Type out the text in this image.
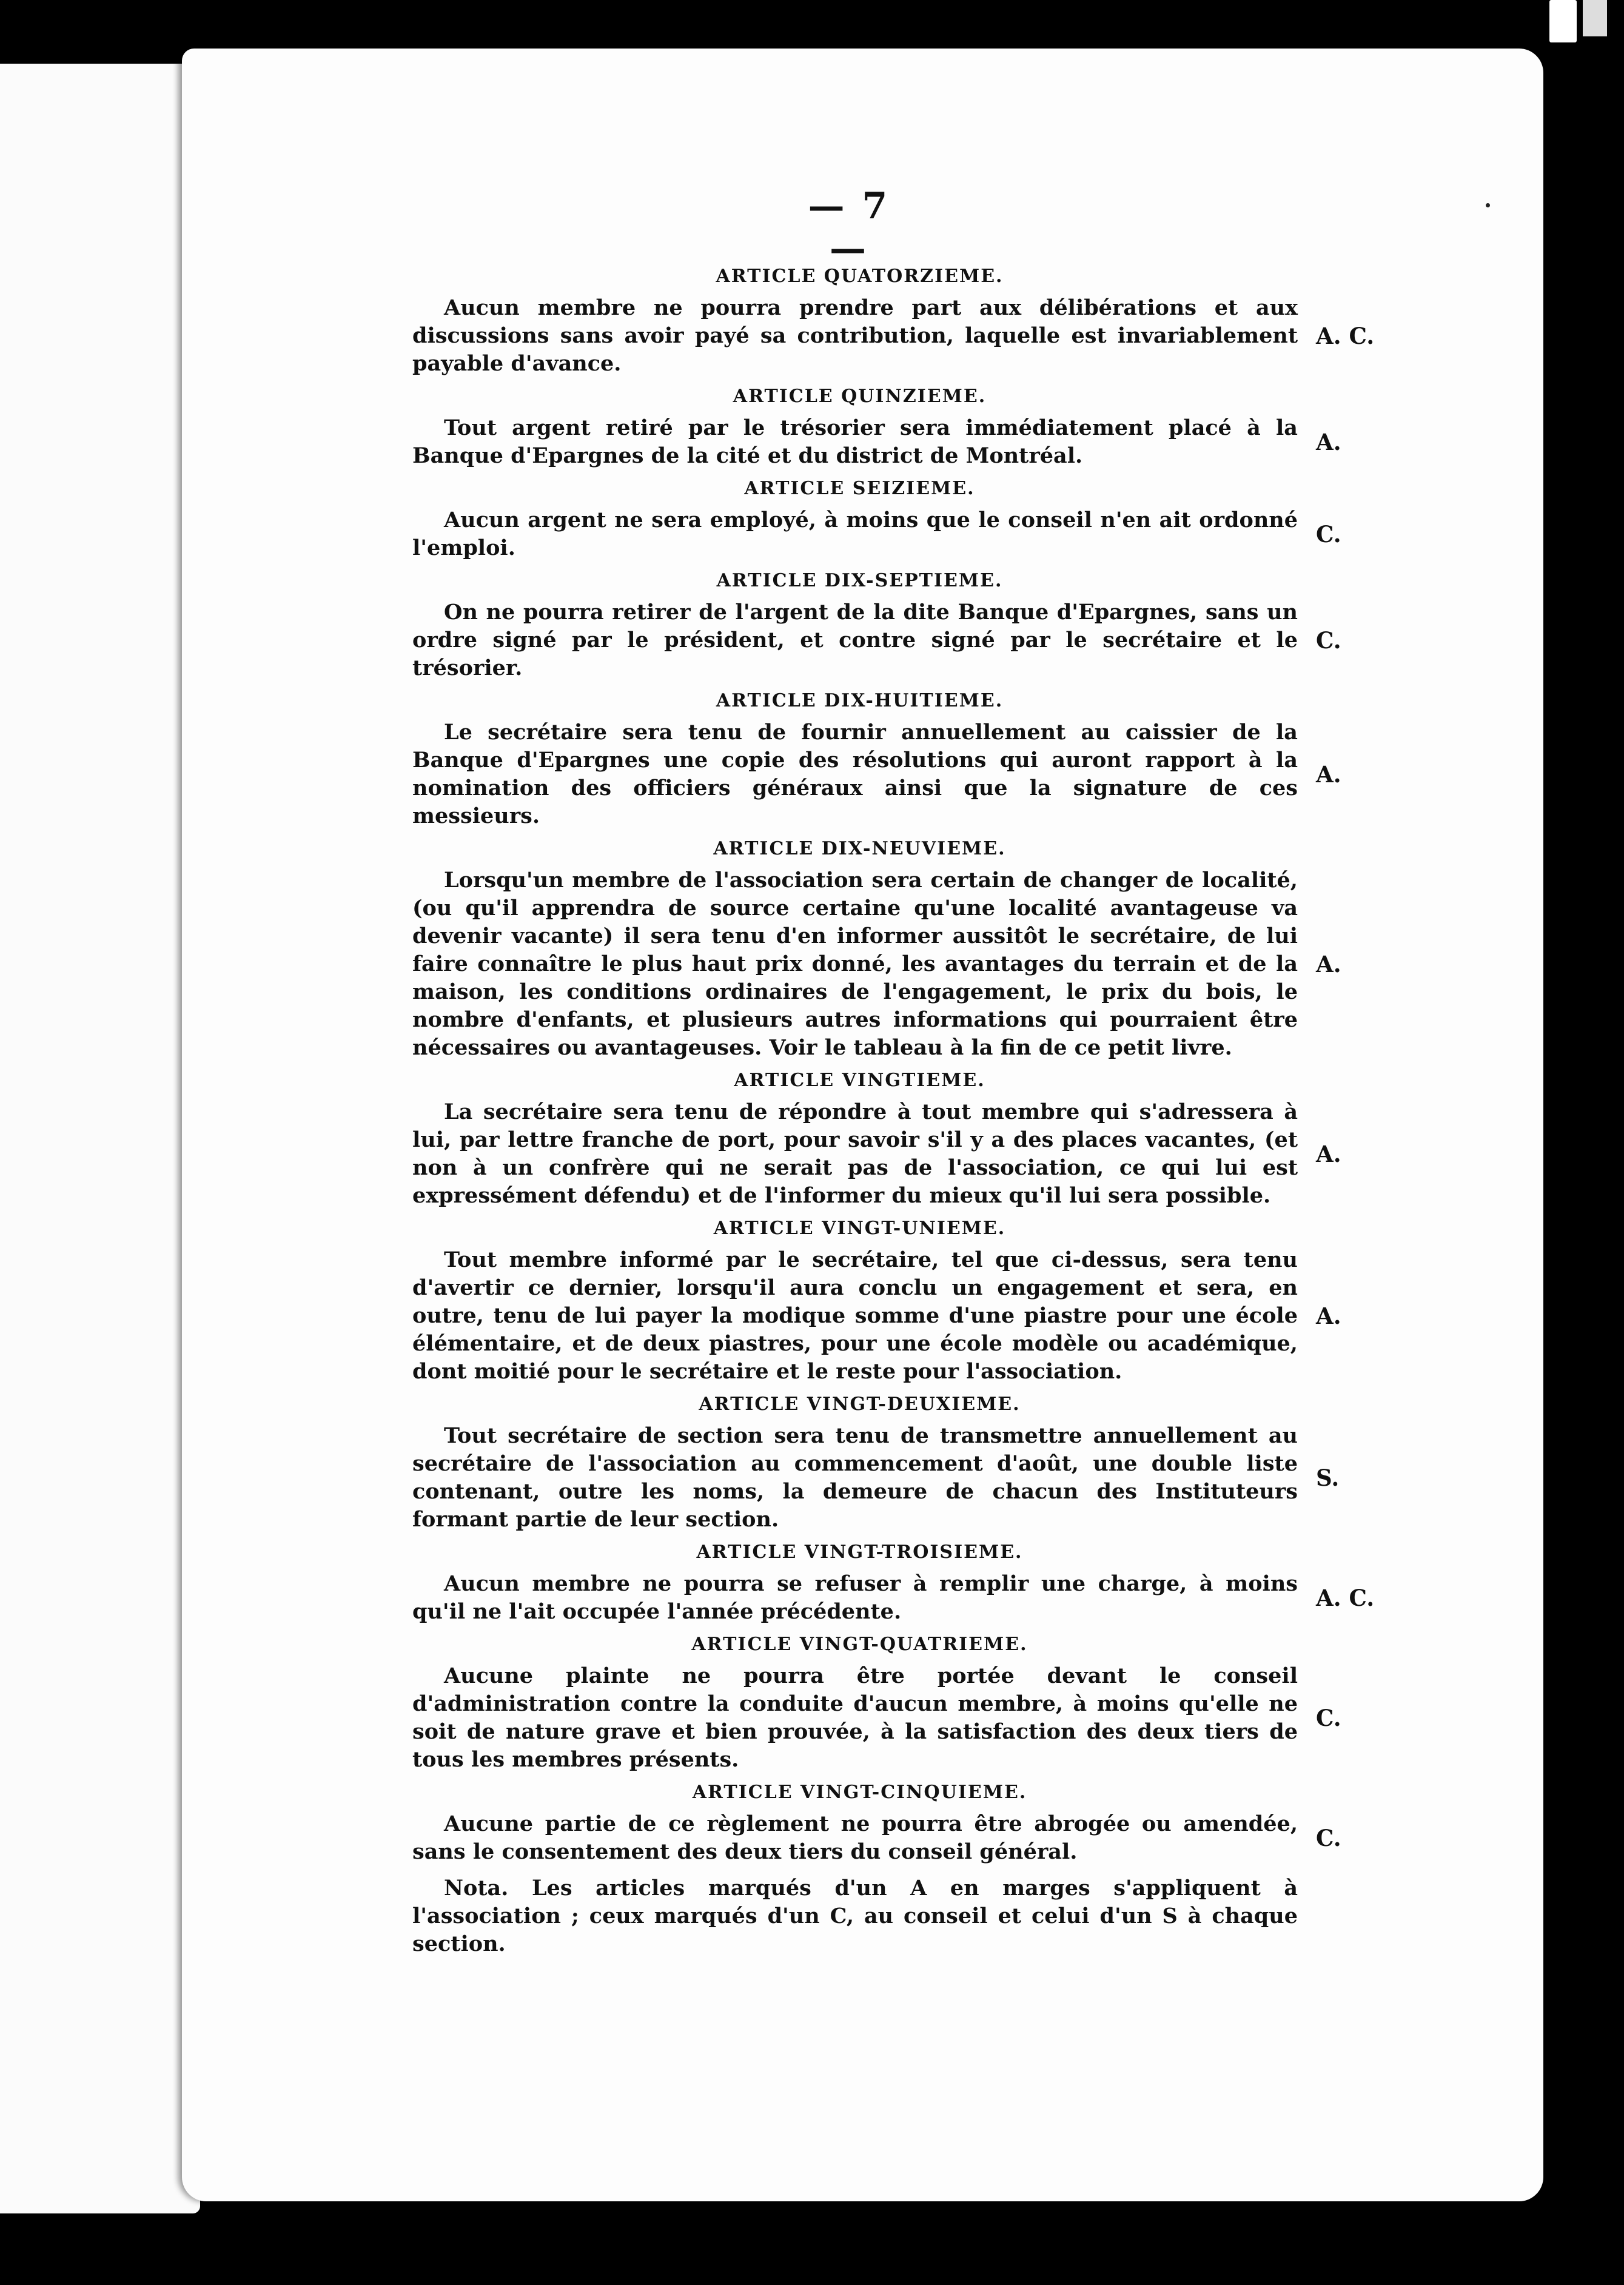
— 7 —
ARTICLE QUATORZIEME.

Aucun membre ne pourra prendre part aux délibérations et aux discussions sans avoir payé sa contribution, laquelle est invariablement payable d'avance.

A. C.
ARTICLE QUINZIEME.

Tout argent retiré par le trésorier sera immédiatement placé à la Banque d'Epargnes de la cité et du district de Montréal.

A.
ARTICLE SEIZIEME.

Aucun argent ne sera employé, à moins que le conseil n'en ait ordonné l'emploi.

C.
ARTICLE DIX-SEPTIEME.

On ne pourra retirer de l'argent de la dite Banque d'Epargnes, sans un ordre signé par le président, et contre signé par le secrétaire et le trésorier.

C.
ARTICLE DIX-HUITIEME.

Le secrétaire sera tenu de fournir annuellement au caissier de la Banque d'Epargnes une copie des résolutions qui auront rapport à la nomination des officiers généraux ainsi que la signature de ces messieurs.

A.
ARTICLE DIX-NEUVIEME.

Lorsqu'un membre de l'association sera certain de changer de localité, (ou qu'il apprendra de source certaine qu'une localité avantageuse va devenir vacante) il sera tenu d'en informer aussitôt le secrétaire, de lui faire connaître le plus haut prix donné, les avantages du terrain et de la maison, les conditions ordinaires de l'engagement, le prix du bois, le nombre d'enfants, et plusieurs autres informations qui pourraient être nécessaires ou avantageuses. Voir le tableau à la fin de ce petit livre.

A.
ARTICLE VINGTIEME.

La secrétaire sera tenu de répondre à tout membre qui s'adressera à lui, par lettre franche de port, pour savoir s'il y a des places vacantes, (et non à un confrère qui ne serait pas de l'association, ce qui lui est expressément défendu) et de l'informer du mieux qu'il lui sera possible.

A.
ARTICLE VINGT-UNIEME.

Tout membre informé par le secrétaire, tel que ci-dessus, sera tenu d'avertir ce dernier, lorsqu'il aura conclu un engagement et sera, en outre, tenu de lui payer la modique somme d'une piastre pour une école élémentaire, et de deux piastres, pour une école modèle ou académique, dont moitié pour le secrétaire et le reste pour l'association.

A.
ARTICLE VINGT-DEUXIEME.

Tout secrétaire de section sera tenu de transmettre annuellement au secrétaire de l'association au commencement d'août, une double liste contenant, outre les noms, la demeure de chacun des Instituteurs formant partie de leur section.

S.
ARTICLE VINGT-TROISIEME.

Aucun membre ne pourra se refuser à remplir une charge, à moins qu'il ne l'ait occupée l'année précédente.

A. C.
ARTICLE VINGT-QUATRIEME.

Aucune plainte ne pourra être portée devant le conseil d'administration contre la conduite d'aucun membre, à moins qu'elle ne soit de nature grave et bien prouvée, à la satisfaction des deux tiers de tous les membres présents.

C.
ARTICLE VINGT-CINQUIEME.

Aucune partie de ce règlement ne pourra être abrogée ou amendée, sans le consentement des deux tiers du conseil général.

C.

Nota. Les articles marqués d'un A en marges s'appliquent à l'association ; ceux marqués d'un C, au conseil et celui d'un S à chaque section.
